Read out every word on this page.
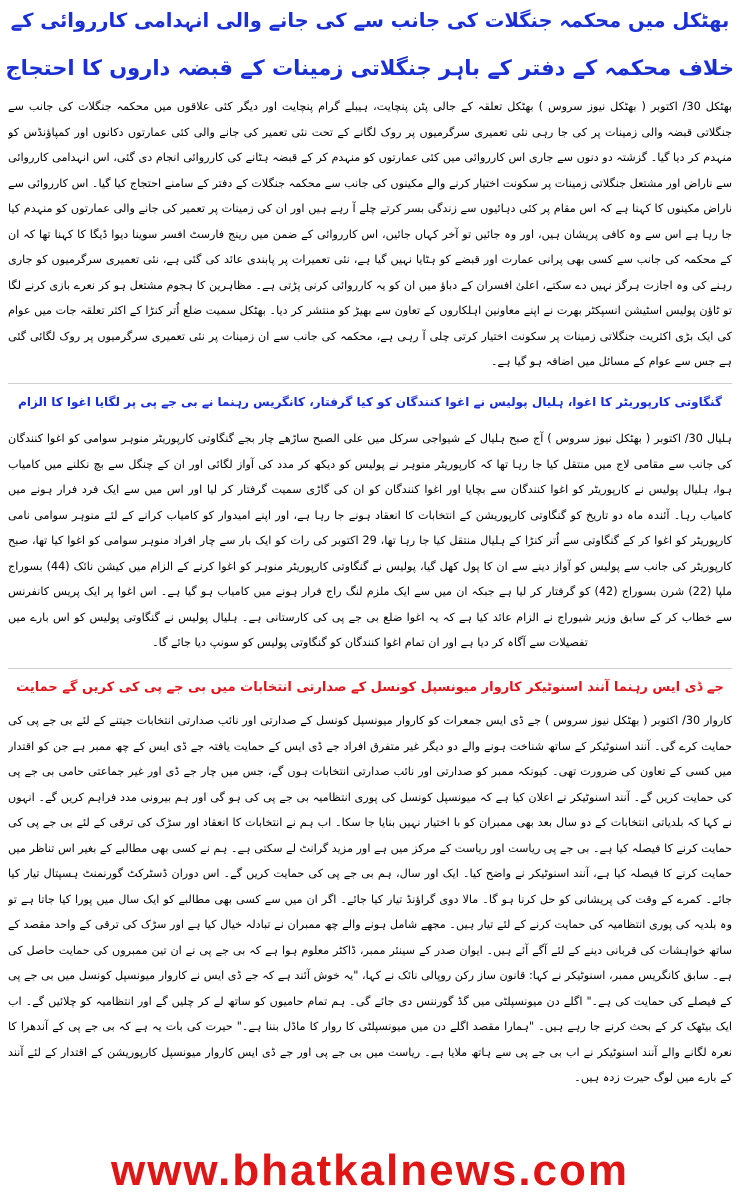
بھٹکل میں محکمہ جنگلات کی جانب سے کی جانے والی انہدامی کارروائی کے
خلاف محکمہ کے دفتر کے باہر جنگلاتی زمینات کے قبضہ داروں کا احتجاج

بھٹکل 30/ اکتوبر ( بھٹکل نیوز سروس ) بھٹکل تعلقہ کے جالی پٹن پنچایت، ہیبلے گرام پنچایت اور دیگر کئی علاقوں میں محکمہ جنگلات کی جانب سے جنگلاتی قبضہ والی زمینات پر کی جا رہی نئی تعمیری سرگرمیوں پر روک لگانے کے تحت نئی تعمیر کی جانے والی کئی عمارتوں دکانوں اور کمپاؤنڈس کو منہدم کر دیا گیا۔ گزشتہ دو دنوں سے جاری اس کارروائی میں کئی عمارتوں کو منہدم کر کے قبضہ ہٹانے کی کارروائی انجام دی گئی، اس انہدامی کارروائی سے ناراض اور مشتعل جنگلاتی زمینات پر سکونت اختیار کرنے والے مکینوں کی جانب سے محکمہ جنگلات کے دفتر کے سامنے احتجاج کیا گیا۔ اس کارروائی سے ناراض مکینوں کا کہنا ہے کہ اس مقام پر کئی دہائیوں سے زندگی بسر کرتے چلے آ رہے ہیں اور ان کی زمینات پر تعمیر کی جانے والی عمارتوں کو منہدم کیا جا رہا ہے اس سے وہ کافی پریشان ہیں، اور وہ جائیں تو آخر کہاں جائیں، اس کارروائی کے ضمن میں رینج فارسٹ افسر سوینا دیوا ڈیگا کا کہنا تھا کہ ان کے محکمہ کی جانب سے کسی بھی پرانی عمارت اور قبضے کو ہٹایا نہیں گیا ہے، نئی تعمیرات پر پابندی عائد کی گئی ہے، نئی تعمیری سرگرمیوں کو جاری رہنے کی وہ اجازت ہرگز نہیں دے سکتے، اعلیٰ افسران کے دباؤ میں ان کو یہ کارروائی کرنی پڑتی ہے۔ مظاہرین کا ہجوم مشتعل ہو کر نعرے بازی کرنے لگا تو ٹاؤن پولیس اسٹیشن انسپکٹر بھرت نے اپنے معاونین اہلکاروں کے تعاون سے بھیڑ کو منتشر کر دیا۔ بھٹکل سمیت ضلع اُتر کنڑا کے اکثر تعلقہ جات میں عوام کی ایک بڑی اکثریت جنگلاتی زمینات پر سکونت اختیار کرتی چلی آ رہی ہے، محکمہ کی جانب سے ان زمینات پر نئی تعمیری سرگرمیوں پر روک لگائی گئی ہے جس سے عوام کے مسائل میں اضافہ ہو گیا ہے۔

گنگاوتی کارپوریٹر کا اغوا، ہلیال پولیس نے اغوا کنندگان کو کیا گرفتار، کانگریس رہنما نے بی جے پی پر لگایا اغوا کا الزام

ہلیال 30/ اکتوبر ( بھٹکل نیوز سروس ) آج صبح ہلیال کے شیواجی سرکل میں علی الصبح ساڑھے چار بجے گنگاوتی کارپوریٹر منوہر سوامی کو اغوا کنندگان کی جانب سے مقامی لاج میں منتقل کیا جا رہا تھا کہ کارپوریٹر منوہر نے پولیس کو دیکھ کر مدد کی آواز لگائی اور ان کے چنگل سے بچ نکلنے میں کامیاب ہوا، ہلیال پولیس نے کارپوریٹر کو اغوا کنندگان سے بچایا اور اغوا کنندگان کو ان کی گاڑی سمیت گرفتار کر لیا اور اس میں سے ایک فرد فرار ہونے میں کامیاب رہا۔ آئندہ ماہ دو تاریخ کو گنگاوتی کارپوریشن کے انتخابات کا انعقاد ہونے جا رہا ہے، اور اپنے امیدوار کو کامیاب کرانے کے لئے منوہر سوامی نامی کارپوریٹر کو اغوا کر کے گنگاوتی سے اُتر کنڑا کے ہلیال منتقل کیا جا رہا تھا، 29 اکتوبر کی رات کو ایک بار سے چار افراد منوہر سوامی کو اغوا کیا تھا، صبح کارپوریٹر کی جانب سے پولیس کو آواز دینے سے ان کا پول کھل گیا، پولیس نے گنگاوتی کارپوریٹر منوہر کو اغوا کرنے کے الزام میں کیشن نائک (44) بسوراج ملپا (22) شرن بسوراج (42) کو گرفتار کر لیا ہے جبکہ ان میں سے ایک ملزم لنگ راج فرار ہونے میں کامیاب ہو گیا ہے۔ اس اغوا پر ایک پریس کانفرنس سے خطاب کر کے سابق وزیر شیوراج نے الزام عائد کیا ہے کہ یہ اغوا ضلع بی جے پی کی کارستانی ہے۔ ہلیال پولیس نے گنگاوتی پولیس کو اس بارے میں تفصیلات سے آگاہ کر دیا ہے اور ان تمام اغوا کنندگان کو گنگاوتی پولیس کو سونپ دیا جائے گا۔

جے ڈی ایس رہنما آنند اسنوٹیکر کاروار میونسپل کونسل کے صدارتی انتخابات میں بی جے پی کی کریں گے حمایت

کاروار 30/ اکتوبر ( بھٹکل نیوز سروس ) جے ڈی ایس جمعرات کو کاروار میونسپل کونسل کے صدارتی اور نائب صدارتی انتخابات جیتنے کے لئے بی جے پی کی حمایت کرے گی۔ آنند اسنوٹیکر کے ساتھ شناخت ہونے والے دو دیگر غیر متفرق افراد جے ڈی ایس کے حمایت یافتہ جے ڈی ایس کے چھ ممبر ہے جن کو اقتدار میں کسی کے تعاون کی ضرورت تھی۔ کیونکہ ممبر کو صدارتی اور نائب صدارتی انتخابات ہوں گے، جس میں چار جے ڈی اور غیر جماعتی حامی بی جے پی کی حمایت کریں گے۔ آنند اسنوٹیکر نے اعلان کیا ہے کہ میونسپل کونسل کی پوری انتظامیہ بی جے پی کی ہو گی اور ہم بیرونی مدد فراہم کریں گے۔ انہوں نے کہا کہ بلدیاتی انتخابات کے دو سال بعد بھی ممبران کو با اختیار نہیں بنایا جا سکا۔ اب ہم نے انتخابات کا انعقاد اور سڑک کی ترقی کے لئے بی جے پی کی حمایت کرنے کا فیصلہ کیا ہے۔ بی جے پی ریاست اور ریاست کے مرکز میں ہے اور مزید گرانٹ لے سکتی ہے۔ ہم نے کسی بھی مطالبے کے بغیر اس تناظر میں حمایت کرنے کا فیصلہ کیا ہے، آنند اسنوٹیکر نے واضح کیا۔ ایک اور سال، ہم بی جے پی کی حمایت کریں گے۔ اس دوران ڈسٹرکٹ گورنمنٹ ہسپتال تیار کیا جائے۔ کمرے کے وقت کی پریشانی کو حل کرنا ہو گا۔ مالا دوی گراؤنڈ تیار کیا جائے۔ اگر ان میں سے کسی بھی مطالبے کو ایک سال میں پورا کیا جاتا ہے تو وہ بلدیہ کی پوری انتظامیہ کی حمایت کرنے کے لئے تیار ہیں۔ مجھے شامل ہونے والے چھ ممبران نے تبادلہ خیال کیا ہے اور سڑک کی ترقی کے واحد مقصد کے ساتھ خواہشات کی قربانی دینے کے لئے آگے آئے ہیں۔ ایوان صدر کے سینئر ممبر، ڈاکٹر معلوم ہوا ہے کہ بی جے پی نے ان تین ممبروں کی حمایت حاصل کی ہے۔ سابق کانگریس ممبر، اسنوٹیکر نے کہا: قانون ساز رکن روپالی نائک نے کہا، "یہ خوش آئند ہے کہ جے ڈی ایس نے کاروار میونسپل کونسل میں بی جے پی کے فیصلے کی حمایت کی ہے۔" اگلے دن میونسپلٹی میں گڈ گورننس دی جائے گی۔ ہم تمام حامیوں کو ساتھ لے کر چلیں گے اور انتظامیہ کو چلائیں گے۔ اب ایک بیٹھک کر کے بحث کرنے جا رہے ہیں۔ "ہمارا مقصد اگلے دن میں میونسپلٹی کا روار کا ماڈل بننا ہے۔" حیرت کی بات یہ ہے کہ بی جے پی کے آندھرا کا نعرہ لگانے والے آنند اسنوٹیکر نے اب بی جے پی سے ہاتھ ملایا ہے۔ ریاست میں بی جے پی اور جے ڈی ایس کاروار میونسپل کارپوریشن کے اقتدار کے لئے آنند کے بارے میں لوگ حیرت زدہ ہیں۔

www.bhatkalnews.com
